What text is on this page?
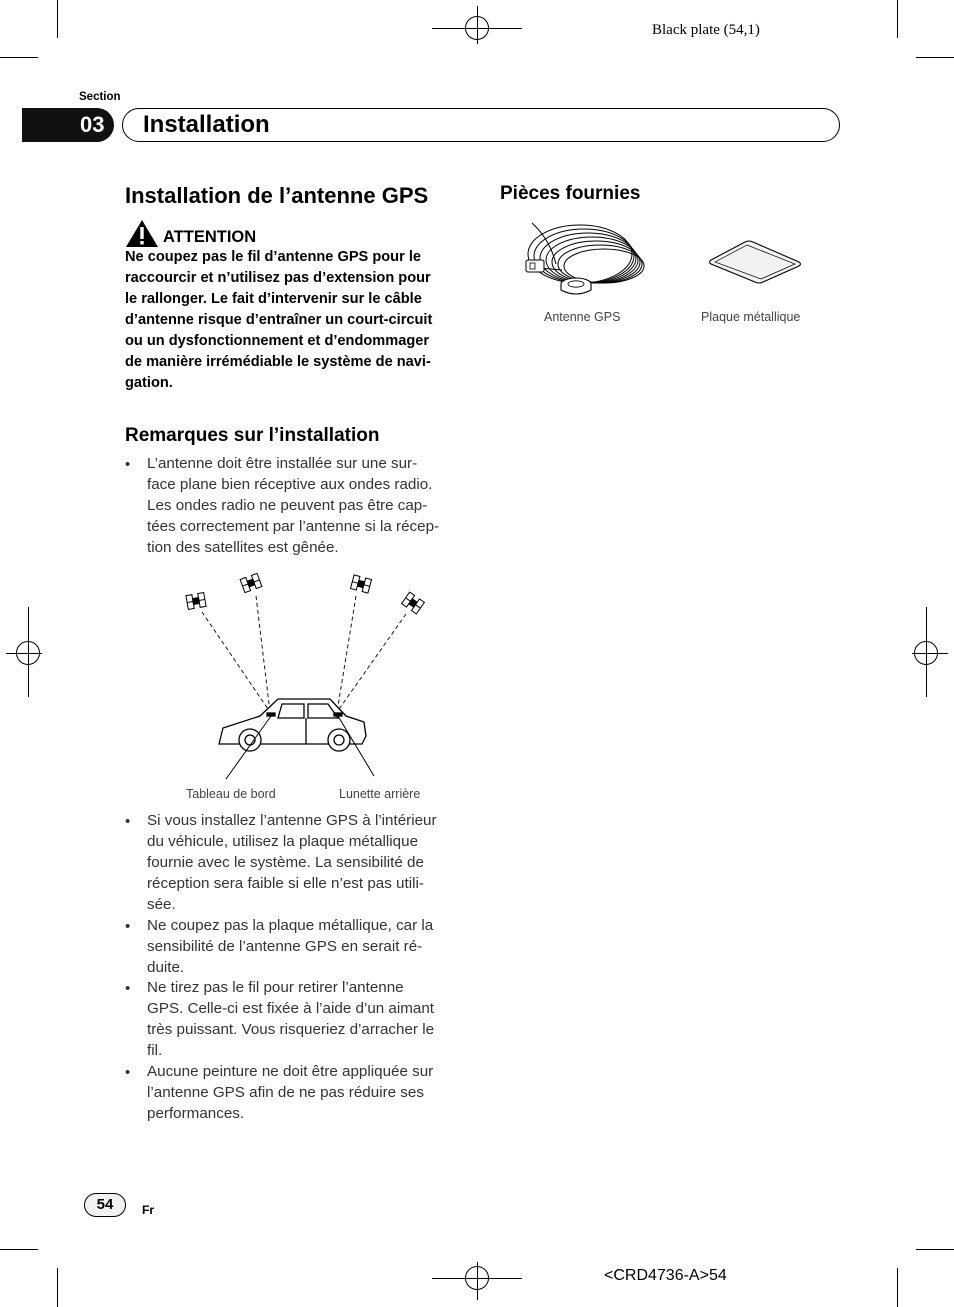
Black plate (54,1)
Section
03	Installation
Installation de l’antenne GPS
ATTENTION
Ne coupez pas le fil d’antenne GPS pour le
raccourcir et n’utilisez pas d’extension pour
le rallonger. Le fait d’intervenir sur le câble
d’antenne risque d’entraîner un court-circuit
ou un dysfonctionnement et d’endommager
de manière irrémédiable le système de navi-
gation.
Remarques sur l’installation
• L’antenne doit être installée sur une sur-
face plane bien réceptive aux ondes radio.
Les ondes radio ne peuvent pas être cap-
tées correctement par l’antenne si la récep-
tion des satellites est gênée.
Tableau de bord	Lunette arrière
• Si vous installez l’antenne GPS à l’intérieur
du véhicule, utilisez la plaque métallique
fournie avec le système. La sensibilité de
réception sera faible si elle n’est pas utili-
sée.
• Ne coupez pas la plaque métallique, car la
sensibilité de l’antenne GPS en serait ré-
duite.
• Ne tirez pas le fil pour retirer l’antenne
GPS. Celle-ci est fixée à l’aide d’un aimant
très puissant. Vous risqueriez d’arracher le
fil.
• Aucune peinture ne doit être appliquée sur
l’antenne GPS afin de ne pas réduire ses
performances.
Pièces fournies
Antenne GPS	Plaque métallique
54	Fr
<CRD4736-A>54
